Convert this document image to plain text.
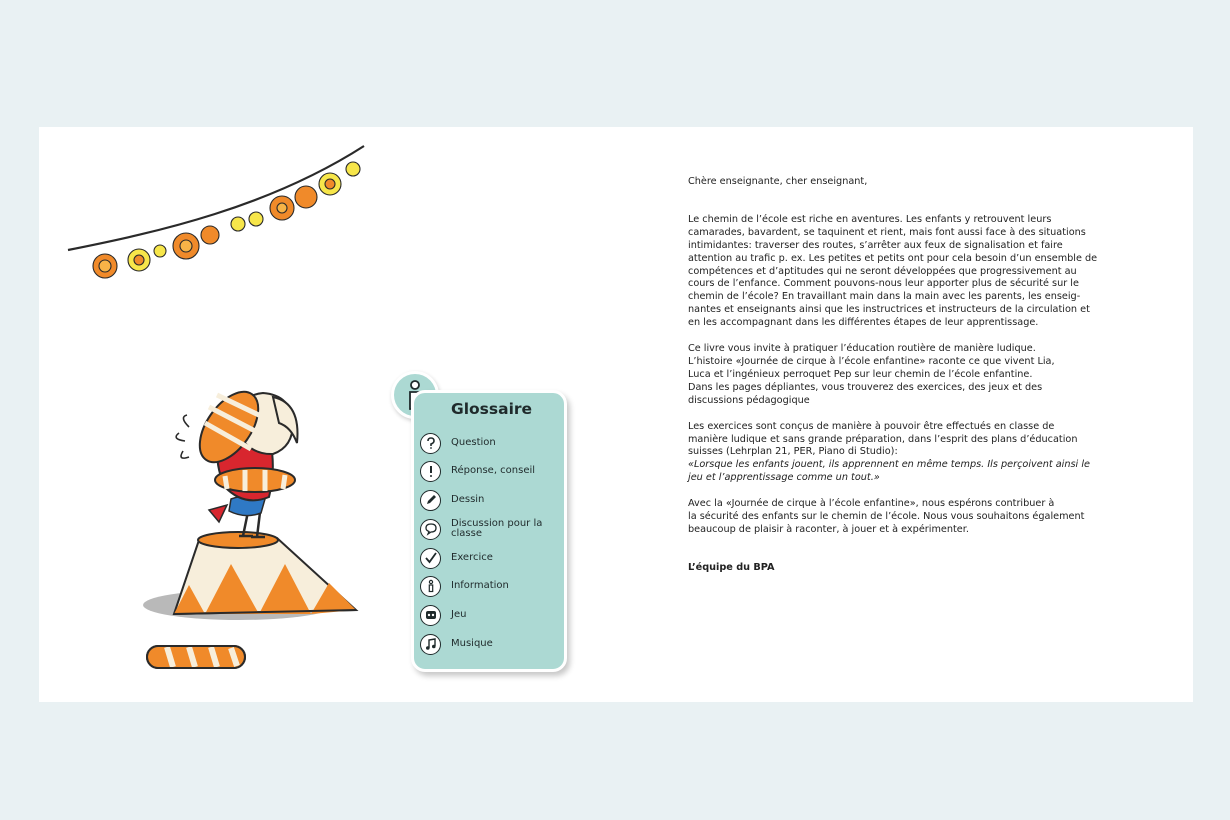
Glossaire
Question
Réponse, conseil
Dessin
Discussion pour la classe
Exercice
Information
Jeu
Musique

Chère enseignante, cher enseignant,

Le chemin de l’école est riche en aventures. Les enfants y retrouvent leurs
camarades, bavardent, se taquinent et rient, mais font aussi face à des situations
intimidantes: traverser des routes, s’arrêter aux feux de signalisation et faire
attention au trafic p. ex. Les petites et petits ont pour cela besoin d’un ensemble de
compétences et d’aptitudes qui ne seront développées que progressivement au
cours de l’enfance. Comment pouvons-nous leur apporter plus de sécurité sur le
chemin de l’école? En travaillant main dans la main avec les parents, les enseig-
nantes et enseignants ainsi que les instructrices et instructeurs de la circulation et
en les accompagnant dans les différentes étapes de leur apprentissage.

Ce livre vous invite à pratiquer l’éducation routière de manière ludique.
L’histoire «Journée de cirque à l’école enfantine» raconte ce que vivent Lia,
Luca et l’ingénieux perroquet Pep sur leur chemin de l’école enfantine.
Dans les pages dépliantes, vous trouverez des exercices, des jeux et des
discussions pédagogique

Les exercices sont conçus de manière à pouvoir être effectués en classe de
manière ludique et sans grande préparation, dans l’esprit des plans d’éducation
suisses (Lehrplan 21, PER, Piano di Studio):
«Lorsque les enfants jouent, ils apprennent en même temps. Ils perçoivent ainsi le
jeu et l’apprentissage comme un tout.»

Avec la «Journée de cirque à l’école enfantine», nous espérons contribuer à
la sécurité des enfants sur le chemin de l’école. Nous vous souhaitons également
beaucoup de plaisir à raconter, à jouer et à expérimenter.

L’équipe du BPA
